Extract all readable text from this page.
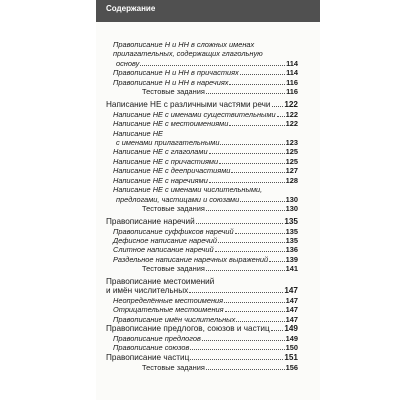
Содержание
Правописание Н и НН в сложных именах
прилагательных, содержащих глагольную
основу	114
Правописание Н и НН в причастиях	114
Правописание Н и НН в наречиях	116
Тестовые задания	116
Написание НЕ с различными частями речи 122
Написание НЕ с именами существительными 122
Написание НЕ с местоимениями	122
Написание НЕ
с именами прилагательными	123
Написание НЕ с глаголами	125
Написание НЕ с причастиями	125
Написание НЕ с деепричастиями	127
Написание НЕ с наречиями	128
Написание НЕ с именами числительными,
предлогами, частицами и союзами	130
Тестовые задания	130
Правописание наречий	135
Правописание суффиксов наречий	135
Дефисное написание наречий	135
Слитное написание наречий	136
Раздельное написание наречных выражений 139
Тестовые задания	141
Правописание местоимений
и имён числительных	147
Неопределённые местоимения	147
Отрицательные местоимения	147
Правописание имён числительных	147
Правописание предлогов, союзов и частиц 149
Правописание предлогов	149
Правописание союзов	150
Правописание частиц	151
Тестовые задания	156
